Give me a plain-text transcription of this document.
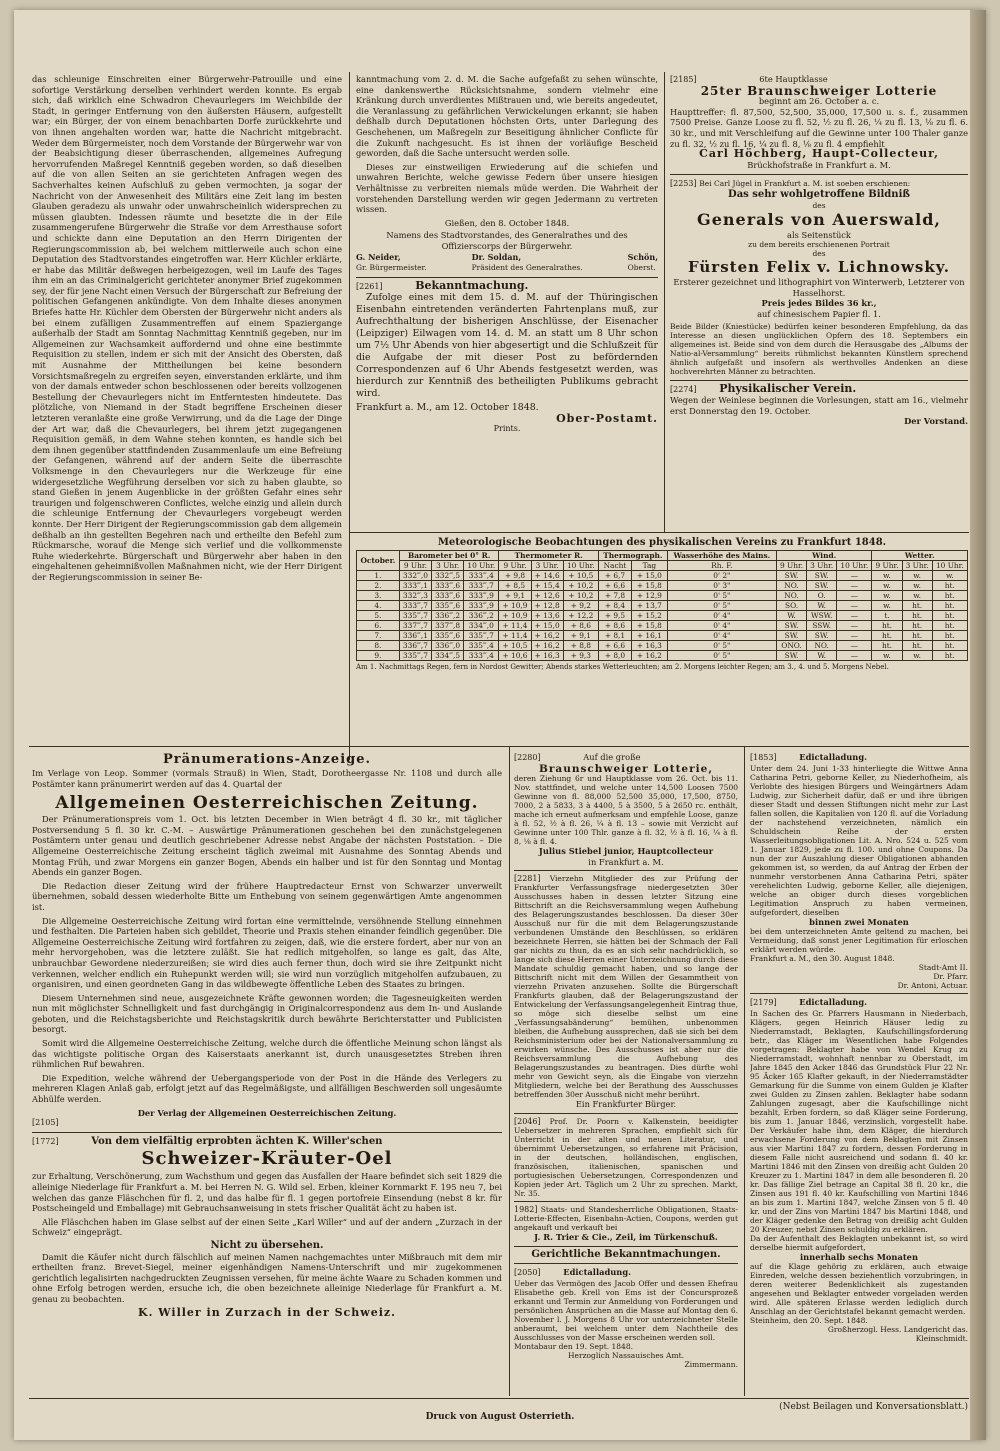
das schleunige Einschreiten einer Bürgerwehr-Patrouille und eine sofortige Verstärkung derselben verhindert werden konnte. Es ergab sich, daß wirklich eine Schwadron Chevaurlegers im Weichbilde der Stadt, in geringer Entfernung von den äußersten Häusern, aufgestellt war; ein Bürger, der von einem benachbarten Dorfe zurückkehrte und von ihnen angehalten worden war, hatte die Nachricht mitgebracht. Weder dem Bürgermeister, noch dem Vorstande der Bürgerwehr war von der Beabsichtigung dieser überraschenden, allgemeines Aufregung hervorrufenden Maßregel Kenntniß gegeben worden, so daß dieselben auf die von allen Seiten an sie gerichteten Anfragen wegen des Sachverhaltes keinen Aufschluß zu geben vermochten, ja sogar der Nachricht von der Anwesenheit des Militärs eine Zeit lang im besten Glauben geradezu als unwahr oder unwahrscheinlich widersprechen zu müssen glaubten. Indessen räumte und besetzte die in der Eile zusammengerufene Bürgerwehr die Straße vor dem Arresthause sofort und schickte dann eine Deputation an den Herrn Dirigenten der Regierungscommission ab, bei welchem mittlerweile auch schon eine Deputation des Stadtvorstandes eingetroffen war. Herr Küchler erklärte, er habe das Militär deßwegen herbeigezogen, weil im Laufe des Tages ihm ein an das Criminalgericht gerichteter anonymer Brief zugekommen sey, der für jene Nacht einen Versuch der Bürgerschaft zur Befreiung der politischen Gefangenen ankündigte. Von dem Inhalte dieses anonymen Briefes hatte Hr. Küchler dem Obersten der Bürgerwehr nicht anders als bei einem zufälligen Zusammentreffen auf einem Spaziergange außerhalb der Stadt am Sonntag Nachmittag Kenntniß gegeben, nur im Allgemeinen zur Wachsamkeit auffordernd und ohne eine bestimmte Requisition zu stellen, indem er sich mit der Ansicht des Obersten, daß mit Ausnahme der Mittheilungen bei keine besondern Vorsichtsmaßregeln zu ergreifen seyen, einverstanden erklärte, und ihm von der damals entweder schon beschlossenen oder bereits vollzogenen Bestellung der Chevaurlegers nicht im Entferntesten hindeutete. Das plötzliche, von Niemand in der Stadt begriffene Erscheinen dieser letzteren veranlaßte eine große Verwirrung, und da die Lage der Dinge der Art war, daß die Chevaurlegers, bei ihrem jetzt zugegangenen Requisition gemäß, in dem Wahne stehen konnten, es handle sich bei dem ihnen gegenüber stattfindenden Zusammenlaufe um eine Befreiung der Gefangenen, während auf der andern Seite die überraschte Volksmenge in den Chevaurlegers nur die Werkzeuge für eine widergesetzliche Wegführung derselben vor sich zu haben glaubte, so stand Gießen in jenem Augenblicke in der größten Gefahr eines sehr traurigen und folgenschweren Conflictes, welche einzig und allein durch die schleunige Entfernung der Chevaurlegers vorgebeugt werden konnte. Der Herr Dirigent der Regierungscommission gab dem allgemein deßhalb an ihn gestellten Begehren nach und ertheilte den Befehl zum Rückmarsche, worauf die Menge sich verlief und die vollkommenste Ruhe wiederkehrte. Bürgerschaft und Bürgerwehr aber haben in den eingehaltenen geheimnißvollen Maßnahmen nicht, wie der Herr Dirigent der Regierungscommission in seiner Be-

kanntmachung vom 2. d. M. die Sache aufgefaßt zu sehen wünschte, eine dankenswerthe Rücksichtsnahme, sondern vielmehr eine Kränkung durch unverdientes Mißtrauen und, wie bereits angedeutet, die Veranlassung zu gefährlichen Verwickelungen erkannt; sie haben deßhalb durch Deputationen höchsten Orts, unter Darlegung des Geschehenen, um Maßregeln zur Beseitigung ähnlicher Conflicte für die Zukunft nachgesucht. Es ist ihnen der vorläufige Bescheid geworden, daß die Sache untersucht werden solle.

Dieses zur einstweiligen Erwiederung auf die schiefen und unwahren Berichte, welche gewisse Federn über unsere hiesigen Verhältnisse zu verbreiten niemals müde werden. Die Wahrheit der vorstehenden Darstellung werden wir gegen Jedermann zu vertreten wissen.

Gießen, den 8. October 1848.
Namens des Stadtvorstandes, des Generalrathes und des Offizierscorps der Bürgerwehr.
G. Neider,
Gr. Bürgermeister.
Dr. Soldan,
Präsident des Generalrathes.
Schön,
Oberst.
[2261]	Bekanntmachung.

Zufolge eines mit dem 15. d. M. auf der Thüringischen Eisenbahn eintretenden veränderten Fahrtenplans muß, zur Aufrechthaltung der bisherigen Anschlüsse, der Eisenacher (Leipziger) Eilwagen vom 14. d. M. an statt um 8 Uhr schon um 7½ Uhr Abends von hier abgesertigt und die Schlußzeit für die Aufgabe der mit dieser Post zu befördernden Correspondenzen auf 6 Uhr Abends festgesetzt werden, was hierdurch zur Kenntniß des betheiligten Publikums gebracht wird.

Frankfurt a. M., am 12. October 1848.
Ober-Postamt.
Prints.
[2185]	6te Hauptklasse
25ter Braunschweiger Lotterie
beginnt am 26. October a. c.
Haupttreffer: fl. 87,500, 52,500, 35,000, 17,500 u. s. f., zusammen 7500 Preise. Ganze Loose zu fl. 52, ½ zu fl. 26, ¼ zu fl. 13, ⅛ zu fl. 6. 30 kr., und mit Verschleifung auf die Gewinne unter 100 Thaler ganze zu fl. 32, ½ zu fl. 16, ¼ zu fl. 8, ⅛ zu fl. 4 empfiehlt
Carl Höchberg, Haupt-Collecteur,
Brückhofstraße in Frankfurt a. M.
[2253] Bei Carl Jügel in Frankfurt a. M. ist soeben erschienen:
Das sehr wohlgetroffene Bildniß
des
Generals von Auerswald,
als Seitenstück
zu dem bereits erschienenen Portrait
des
Fürsten Felix v. Lichnowsky.
Ersterer gezeichnet und lithographirt von Winterwerb, Letzterer von Hasselhorst.
Preis jedes Bildes 36 kr.,
auf chinesischem Papier fl. 1.
Beide Bilder (Kniestücke) bedürfen keiner besonderen Empfehlung, da das Interesse an diesen unglücklichen Opfern des 18. Septembers ein allgemeines ist. Beide sind von dem durch die Herausgabe des „Albums der Natio-al-Versammlung“ bereits rühmlichst bekannten Künstlern sprechend ähnlich aufgefaßt und insofern als werthvolles Andenken an diese hochverehrten Männer zu betrachten.
[2274] Physikalischer Verein.
Wegen der Weinlese beginnen die Vorlesungen, statt am 16., vielmehr erst Donnerstag den 19. October.
Der Vorstand.
Meteorologische Beobachtungen des physikalischen Vereins zu Frankfurt 1848.
October.	Barometer bei 0° R.			Thermometer R.			Thermograph.		Wasserhöhe des Mains.	Wind.			Wetter.		
	9 Uhr.	3 Uhr.	10 Uhr.	9 Uhr.	3 Uhr.	10 Uhr.	Nacht	Tag	Rh. F.	9 Uhr.	3 Uhr.	10 Uhr.	9 Uhr.	3 Uhr.	10 Uhr.
1.	332‴,0	332‴,5	333‴,4	+ 9,8	+ 14,6	+ 10,5	+ 6,7	+ 15,0	0' 2"	SW.	SW.	—	w.	w.	w.
2.	333‴,1	333‴,6	333‴,7	+ 8,5	+ 15,4	+ 10,2	+ 6,6	+ 15,8	0' 3"	NO.	SW.	—	w.	w.	ht.
3.	332‴,3	333‴,6	333‴,9	+ 9,1	+ 12,6	+ 10,2	+ 7,8	+ 12,9	0' 5"	NO.	O.	—	w.	w.	ht.
4.	333‴,7	335‴,6	333‴,9	+ 10,9	+ 12,8	+ 9,2	+ 8,4	+ 13,7	0' 5"	SO.	W.	—	w.	ht.	ht.
5.	335‴,7	336‴,2	336‴,2	+ 10,9	+ 13,6	+ 12,2	+ 9,5	+ 15,2	0' 4"	W.	WSW.	—	t.	ht.	ht.
6.	337‴,7	337‴,8	334‴,0	+ 11,4	+ 15,0	+ 8,6	+ 8,6	+ 15,8	0' 4"	SW.	SSW.	—	ht.	ht.	ht.
7.	336‴,1	335‴,6	335‴,7	+ 11,4	+ 16,2	+ 9,1	+ 8,1	+ 16,1	0' 4"	SW.	SW.	—	ht.	ht.	ht.
8.	336‴,7	336‴,0	335‴,4	+ 10,5	+ 16,2	+ 8,8	+ 6,6	+ 16,3	0' 5"	ONO.	NO.	—	ht.	ht.	ht.
9.	335‴,7	334‴,5	333‴,4	+ 10,6	+ 16,3	+ 9,3	+ 8,0	+ 16,2	0' 5"	SW.	W.	—	w.	w.	ht.
Am 1. Nachmittags Regen, fern in Nordost Gewitter; Abends starkes Wetterleuchten; am 2. Morgens leichter Regen; am 3., 4. und 5. Morgens Nebel.
Pränumerations-Anzeige.

Im Verlage von Leop. Sommer (vormals Strauß) in Wien, Stadt, Dorotheergasse Nr. 1108 und durch alle Postämter kann pränumerirt werden auf das 4. Quartal der

Allgemeinen Oesterreichischen Zeitung.

Der Pränumerationspreis vom 1. Oct. bis letzten December in Wien beträgt 4 fl. 30 kr., mit täglicher Postversendung 5 fl. 30 kr. C.-M. – Auswärtige Pränumerationen geschehen bei den zunächstgelegenen Postämtern unter genau und deutlich geschriebener Adresse nebst Angabe der nächsten Poststation. – Die Allgemeine Oesterreichische Zeitung erscheint täglich zweimal mit Ausnahme des Sonntag Abends und Montag Früh, und zwar Morgens ein ganzer Bogen, Abends ein halber und ist für den Sonntag und Montag Abends ein ganzer Bogen.

Die Redaction dieser Zeitung wird der frühere Hauptredacteur Ernst von Schwarzer unverweilt übernehmen, sobald dessen wiederholte Bitte um Enthebung von seinem gegenwärtigen Amte angenommen ist.

Die Allgemeine Oesterreichische Zeitung wird fortan eine vermittelnde, versöhnende Stellung einnehmen und festhalten. Die Parteien haben sich gebildet, Theorie und Praxis stehen einander feindlich gegenüber. Die Allgemeine Oesterreichische Zeitung wird fortfahren zu zeigen, daß, wie die erstere fordert, aber nur von an mehr hervorgehoben, was die letztere zuläßt. Sie hat redlich mitgeholfen, so lange es galt, das Alte, unbrauchbar Gewordene niederzureißen; sie wird dies auch ferner thun, doch wird sie ihre Zeitpunkt nicht verkennen, welcher endlich ein Ruhepunkt werden will; sie wird nun vorzüglich mitgeholfen aufzubauen, zu organisiren, und einen geordneten Gang in das wildbewegte öffentliche Leben des Staates zu bringen.

Diesem Unternehmen sind neue, ausgezeichnete Kräfte gewonnen worden; die Tagesneuigkeiten werden nun mit möglichster Schnelligkeit und fast durchgängig in Originalcorrespondenz aus dem In- und Auslande geboten, und die Reichstagsberichte und Reichstagskritik durch bewährte Berichterstatter und Publicisten besorgt.

Somit wird die Allgemeine Oesterreichische Zeitung, welche durch die öffentliche Meinung schon längst als das wichtigste politische Organ des Kaiserstaats anerkannt ist, durch unausgesetztes Streben ihren rühmlichen Ruf bewahren.

Die Expedition, welche während der Uebergangsperiode von der Post in die Hände des Verlegers zu mehreren Klagen Anlaß gab, erfolgt jetzt auf das Regelmäßigste, und allfälligen Beschwerden soll ungesäumte Abhülfe werden.

Der Verlag der Allgemeinen Oesterreichischen Zeitung.
[2105]
[1772]	Von dem vielfältig erprobten ächten K. Willer'schen
Schweizer-Kräuter-Oel

zur Erhaltung, Verschönerung, zum Wachsthum und gegen das Ausfallen der Haare befindet sich seit 1829 die alleinige Niederlage für Frankfurt a. M. bei Herren N. G. Wild sel. Erben, kleiner Kornmarkt F. 195 neu 7, bei welchen das ganze Fläschchen für fl. 2, und das halbe für fl. 1 gegen portofreie Einsendung (nebst 8 kr. für Postscheingeld und Emballage) mit Gebrauchsanweisung in stets frischer Qualität ächt zu haben ist.

Alle Fläschchen haben im Glase selbst auf der einen Seite „Karl Willer“ und auf der andern „Zurzach in der Schweiz“ eingeprägt.

Nicht zu übersehen.

Damit die Käufer nicht durch fälschlich auf meinen Namen nachgemachtes unter Mißbrauch mit dem mir ertheilten franz. Brevet-Siegel, meiner eigenhändigen Namens-Unterschrift und mir zugekommenen gerichtlich legalisirten nachgedruckten Zeugnissen versehen, für meine ächte Waare zu Schaden kommen und ohne Erfolg betrogen werden, ersuche ich, die oben bezeichnete alleinige Niederlage für Frankfurt a. M. genau zu beobachten.

K. Willer in Zurzach in der Schweiz.
[2280]	Auf die große
Braunschweiger Lotterie,
deren Ziehung 6r und Hauptklasse vom 26. Oct. bis 11. Nov. stattfindet, und welche unter 14,500 Loosen 7500 Gewinne von fl. 88,000 52,500 35,000, 17,500, 8750, 7000, 2 à 5833, 3 à 4400, 5 à 3500, 5 à 2650 rc. enthält, mache ich erneut aufmerksam und empfehle Loose, ganze à fl. 52, ½ à fl. 26, ¼ à fl. 13 – sowie mit Verzicht auf Gewinne unter 100 Thlr. ganze à fl. 32, ½ à fl. 16, ¼ à fl. 8, ⅛ à fl. 4.
Julius Stiebel junior, Hauptcollecteur
in Frankfurt a. M.
[2281] Vierzehn Mitglieder des zur Prüfung der Frankfurter Verfassungsfrage niedergesetzten 30er Ausschusses haben in dessen letzter Sitzung eine Bittschrift an die Reichsversammlung wegen Aufhebung des Belagerungszustandes beschlossen. Da dieser 30er Ausschuß nur für die mit dem Belagerungszustande verbundenen Umstände den Beschlüssen, so erklären bezeichnete Herren, sie hätten bei der Schmach der Fall gar nichts zu thun, da es an sich sehr nachdrücklich, so lange sich diese Herren einer Unterzeichnung durch diese Mandate schuldig gemacht haben, und so lange der Bittschrift nicht mit dem Willen der Gesammtheit von vierzehn Privaten anzusehen. Sollte die Bürgerschaft Frankfurts glauben, daß der Belagerungszustand der Entwickelung der Verfassungsangelegenheit Eintrag thue, so möge sich dieselbe selbst um eine „Verfassungsabänderung“ bemühen, unbenommen bleiben, die Aufhebung aussprechen, daß sie sich bei dem Reichsministerium oder bei der Nationalversammlung zu erwirken wünsche. Des Ausschusses ist aber nur die Reichsversammlung die Aufhebung des Belagerungszustandes zu beantragen. Dies dürfte wohl mehr von Gewicht seyn, als die Eingabe von vierzehn Mitgliedern, welche bei der Berathung des Ausschusses betreffenden 30er Ausschuß nicht mehr berührt.
Ein Frankfurter Bürger.
[2046] Prof. Dr. Poorn v. Kalkenstein, beeidigter Uebersetzer in mehreren Sprachen, empfiehlt sich für Unterricht in der alten und neuen Literatur, und übernimmt Uebersetzungen, so erfahrene mit Präcision, in der deutschen, holländischen, englischen, französischen, italienischen, spanischen und portugiesischen Uebersetzungen, Correspondenzen und Kopien jeder Art. Täglich um 2 Uhr zu sprechen. Markt, Nr. 35.
1982] Staats- und Standesherrliche Obligationen, Staats-Lotterie-Effecten, Eisenbahn-Actien, Coupons, werden gut angekauft und verkauft bei
J. R. Trier & Cie., Zeil, im Türkenschuß.
Gerichtliche Bekanntmachungen.
[2050]	Edictalladung.
Ueber das Vermögen des Jacob Offer und dessen Ehefrau Elisabethe geb. Krell von Ems ist der Concursprozeß erkannt und Termin zur Anmeldung von Forderungen und persönlichen Ansprüchen an die Masse auf Montag den 6. November l. J. Morgens 8 Uhr vor unterzeichneter Stelle anberaumt, bei welchem unter dem Nachtheile des Ausschlusses von der Masse erscheinen werden soll.
Montabaur den 19. Sept. 1848.
Herzoglich Nassauisches Amt.
Zimmermann.
[1853]	Edictalladung.
Unter dem 24. Juni 1-33 hinterliegte die Wittwe Anna Catharina Petri, geborne Keller, zu Niederhofheim, als Verlobte des hiesigen Bürgers und Weingärtners Adam Ludwig, zur Sicherheit dafür, daß er und ihre übrigen dieser Stadt und dessen Stiftungen nicht mehr zur Last fallen sollen, die Kapitalien von 120 fl. auf die Vorladung der nachstehend verzeichneten, nämlich ein Schuldschein Reihe der ersten Wasserleitungsobligationen Lit. A. Nro. 524 u. 525 vom 1. Januar 1829, jede zu fl. 100. und ohne Coupons. Da nun der zur Auszahlung dieser Obligationen abhanden gekommen ist, so werden, da auf Antrag der Erben der nunmehr verstorbenen Anna Catharina Petri, später verehelichten Ludwig, geborne Keller, alle diejenigen, welche an obiger durch dieses vorgeblichen Legitimation Anspruch zu haben vermeinen, aufgefordert, dieselben
binnen zwei Monaten
bei dem unterzeichneten Amte geltend zu machen, bei Vermeidung, daß sonst jener Legitimation für erloschen erklärt werden würde.
Frankfurt a. M., den 30. August 1848.
Stadt-Amt II.
Dr. Pfarr.
Dr. Antoni, Actuar.
[2179]	Edictalladung.
In Sachen des Gr. Pfarrers Hausmann in Niederbach, Klägers, gegen Heinrich Häuser ledig zu Niederramstadt, Beklagten, Kaufschillingsforderung betr., das Kläger im Wesentlichen habe Folgendes vorgetragen: Beklagter habe von Wendel Krug zu Niederramstadt, wohnhaft nennbar zu Oberstadt, im Jahre 1845 den Acker 1846 das Grundstück Flur 22 Nr. 95 Äcker 165 Klafter gekauft, in der Niederramstädter Gemarkung für die Summe von einem Gulden je Klafter zwei Gulden zu Zinsen zahlen. Beklagter habe sodann Zahlungen zugesagt, aber die Kaufschillinge nicht bezahlt, Erben fordern, so daß Kläger seine Forderung, bis zum 1. Januar 1846, verzinslich, vorgestellt habe. Der Verkäufer habe ihm, dem Kläger, die hierdurch erwachsene Forderung von dem Beklagten mit Zinsen aus vier Martini 1847 zu fordern, dessen Forderung in diesem Falle nicht ausreichend und sodann fl. 40 kr. Martini 1846 mit den Zinsen von dreißig acht Gulden 20 Kreuzer zu 1. Martini 1847 in dem alle besonderen fl. 20 kr. Das fällige Ziel betrage an Capital 38 fl. 20 kr., die Zinsen aus 191 fl. 40 kr. Kaufschilling von Martini 1846 an bis zum 1. Martini 1847, welche Zinsen von 5 fl. 40 kr. und der Zins von Martini 1847 bis Martini 1848, und der Kläger gedenke den Betrag von dreißig acht Gulden 20 Kreuzer, nebst Zinsen schuldig zu erklären.
Da der Aufenthalt des Beklagten unbekannt ist, so wird derselbe hiermit aufgefordert,
innerhalb sechs Monaten
auf die Klage gehörig zu erklären, auch etwaige Einreden, welche dessen beziehentlich vorzubringen, in deren weiterer Bedenklichkeit als zugestanden angesehen und Beklagter entweder vorgeladen werden wird. Alle späteren Erlasse werden lediglich durch Anschlag an der Gerichtstafel bekannt gemacht werden.
Steinheim, den 20. Sept. 1848.
Großherzogl. Hess. Landgericht das.
Kleinschmidt.
(Nebst Beilagen und Konversationsblatt.)
Druck von August Osterrieth.
